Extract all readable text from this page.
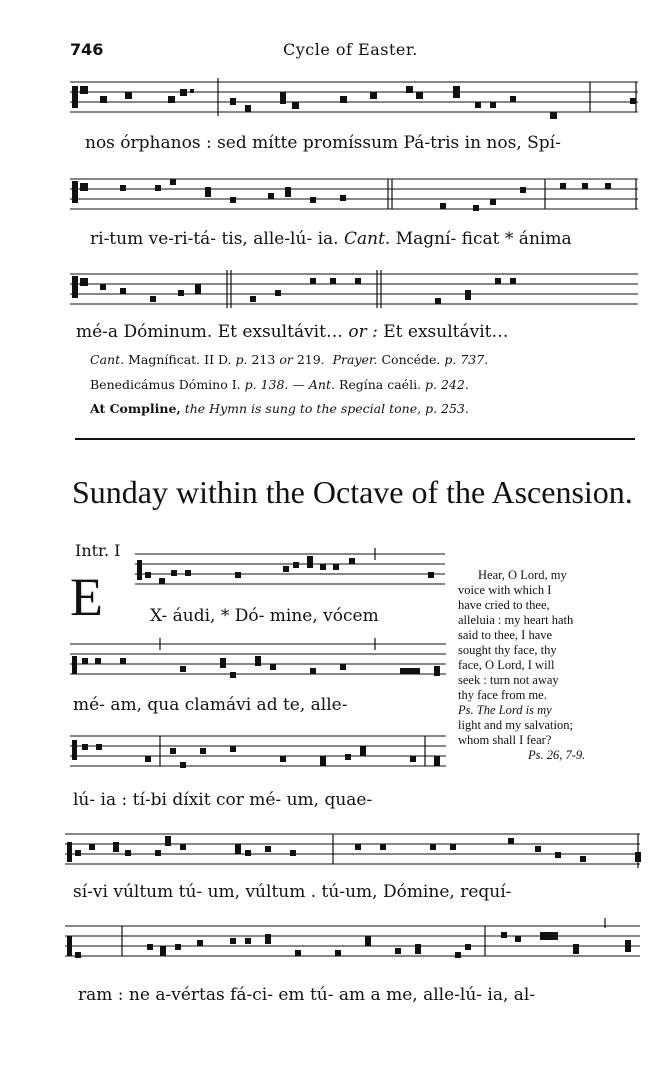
746	Cycle of Easter.
nos órphanos : sed mítte promíssum Pá-tris in nos, Spí-
ri-tum ve-ri-tá- tis, alle-lú- ia. Cant. Magní- ficat * ánima
mé-a Dóminum. Et exsultávit… or : Et exsultávit…
Cant. Magníficat. II D. p. 213 or 219. Prayer. Concéde. p. 737.
Benedicámus Dómino I. p. 138. — Ant. Regína caéli. p. 242.
At Compline, the Hymn is sung to the special tone, p. 253.
Sunday within the Octave of the Ascension.
Intr. I
E	X- áudi, * Dó- mine, vócem
mé- am, qua clamávi ad te, alle-
lú- ia : tí-bi díxit cor mé- um, quae-
sí-vi vúltum tú- um, vúltum . tú-um, Dómine, requí-
ram : ne a-vértas fá-ci- em tú- am a me, alle-lú- ia, al-
Hear, O Lord, my
voice with which I
have cried to thee,
alleluia : my heart hath
said to thee, I have
sought thy face, thy
face, O Lord, I will
seek : turn not away
thy face from me.
Ps. The Lord is my
light and my salvation;
whom shall I fear?
Ps. 26, 7-9.
